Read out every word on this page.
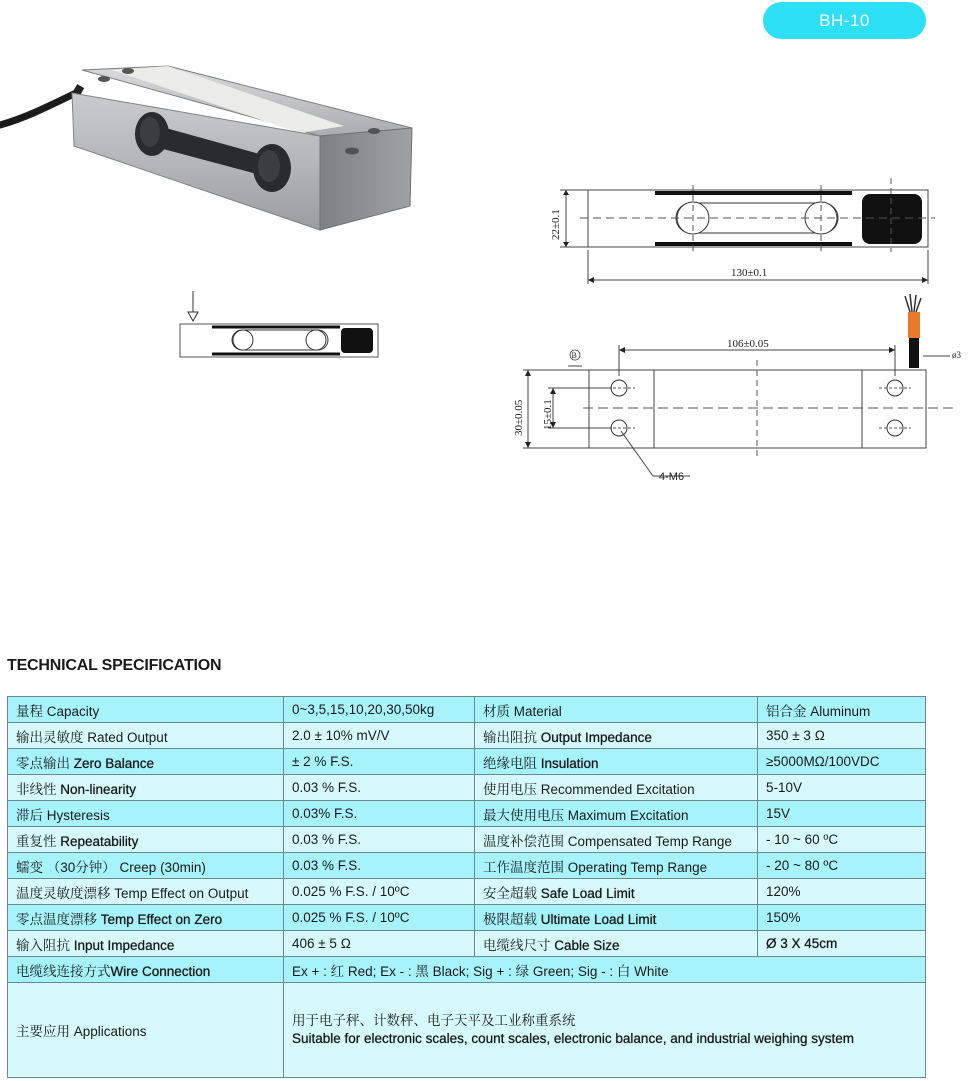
BH-10
22±0.1
130±0.1
ø3
106±0.05
B
30±0.05 15±0.1
4-M6
TECHNICAL SPECIFICATION
量程 Capacity	0~3,5,15,10,20,30,50kg	材质 Material	铝合金 Aluminum
输出灵敏度 Rated Output	2.0 ± 10% mV/V	输出阻抗 Output Impedance	350 ± 3 Ω
零点输出 Zero Balance	± 2 % F.S.	绝缘电阻 Insulation	≥5000MΩ/100VDC
非线性 Non-linearity	0.03 % F.S.	使用电压 Recommended Excitation	5-10V
滞后 Hysteresis	0.03% F.S.	最大使用电压 Maximum Excitation	15V
重复性 Repeatability	0.03 % F.S.	温度补偿范围 Compensated Temp Range	- 10 ~ 60 ºC
蠕变 （30分钟） Creep (30min)	0.03 % F.S.	工作温度范围 Operating Temp Range	- 20 ~ 80 ºC
温度灵敏度漂移 Temp Effect on Output	0.025 % F.S. / 10ºC	安全超载 Safe Load Limit	120%
零点温度漂移 Temp Effect on Zero	0.025 % F.S. / 10ºC	极限超载 Ultimate Load Limit	150%
输入阻抗 Input Impedance	406 ± 5 Ω	电缆线尺寸 Cable Size	Ø 3 X 45cm
电缆线连接方式Wire Connection	Ex + : 红 Red; Ex - : 黑 Black; Sig + : 绿 Green; Sig - : 白 White		
主要应用 Applications	用于电子秤、计数秤、电子天平及工业称重系统
Suitable for electronic scales, count scales, electronic balance, and industrial weighing system		
